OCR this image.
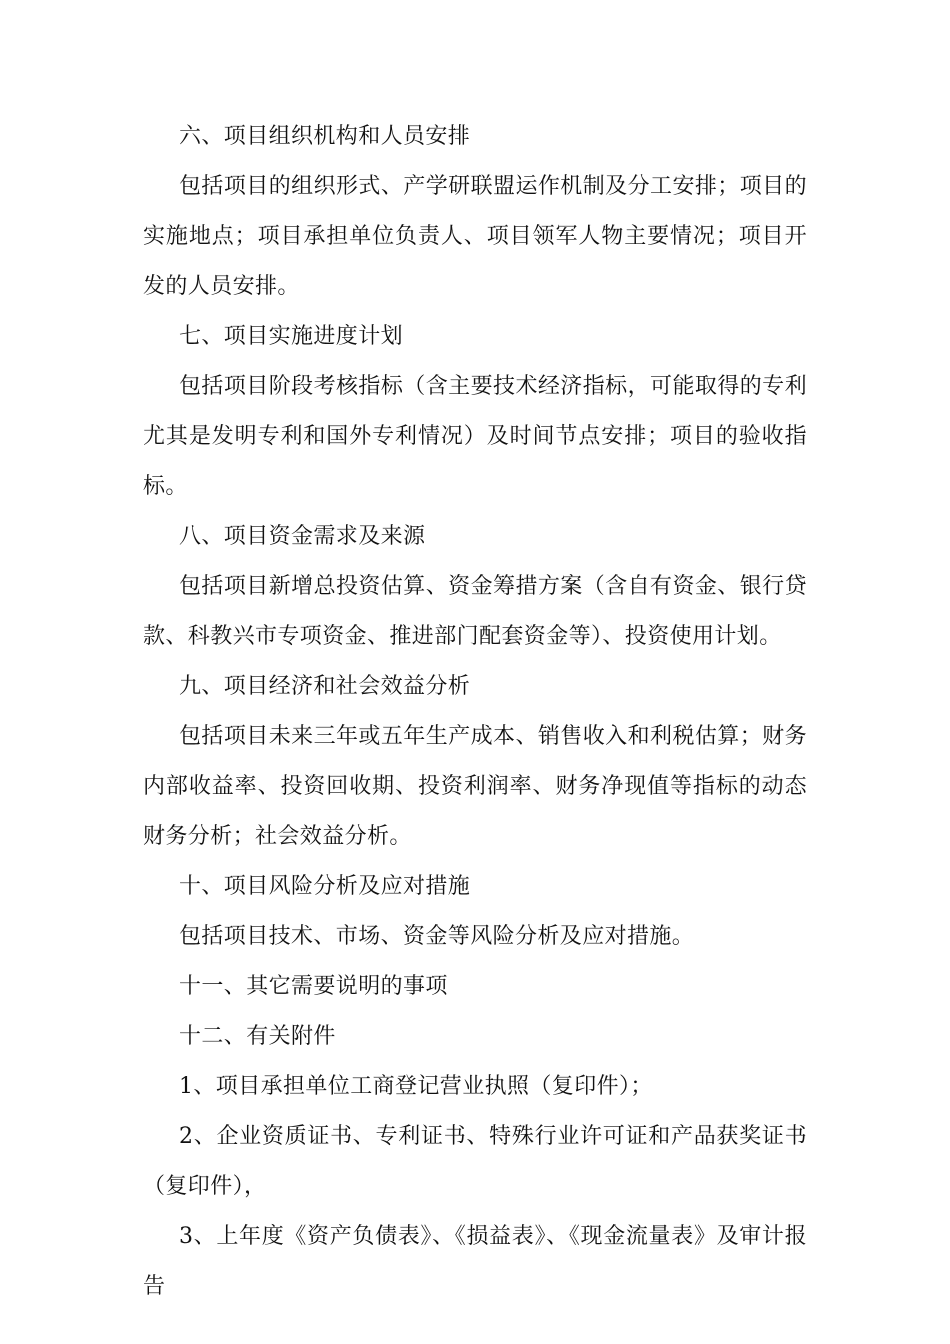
六、项目组织机构和人员安排

包括项目的组织形式、产学研联盟运作机制及分工安排；项目的实施地点；项目承担单位负责人、项目领军人物主要情况；项目开发的人员安排。

七、项目实施进度计划

包括项目阶段考核指标（含主要技术经济指标，可能取得的专利尤其是发明专利和国外专利情况）及时间节点安排；项目的验收指标。

八、项目资金需求及来源

包括项目新增总投资估算、资金筹措方案（含自有资金、银行贷款、科教兴市专项资金、推进部门配套资金等）、投资使用计划。

九、项目经济和社会效益分析

包括项目未来三年或五年生产成本、销售收入和利税估算；财务内部收益率、投资回收期、投资利润率、财务净现值等指标的动态财务分析；社会效益分析。

十、项目风险分析及应对措施

包括项目技术、市场、资金等风险分析及应对措施。

十一、其它需要说明的事项

十二、有关附件

1、项目承担单位工商登记营业执照（复印件）；

2、企业资质证书、专利证书、特殊行业许可证和产品获奖证书（复印件），

3、上年度《资产负债表》、《损益表》、《现金流量表》及审计报告
